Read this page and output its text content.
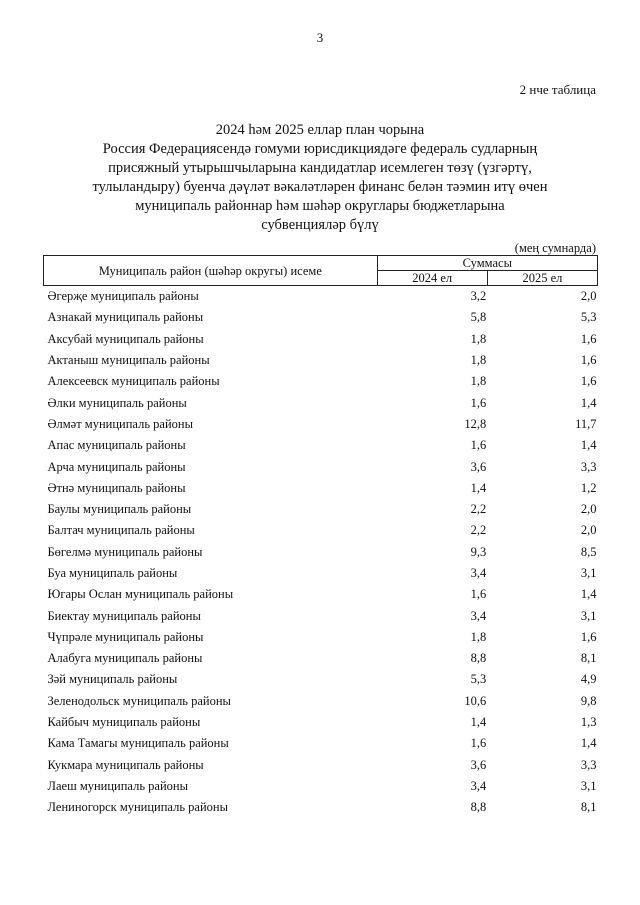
3
2 нче таблица
2024 һәм 2025 еллар план чорына
Россия Федерациясендә гомуми юрисдикциядәге федераль судларның
присяжный утырышчыларына кандидатлар исемлеген төзү (үзгәртү,
тулыландыру) буенча дәүләт вәкаләтләрен финанс белән тәэмин итү өчен
муниципаль районнар һәм шәһәр округлары бюджетларына
субвенцияләр бүлү
(мең сумнарда)
Муниципаль район (шәһәр округы) исеме	Суммасы	
	2024 ел	2025 ел
Әгерҗе муниципаль районы	3,2	2,0
Азнакай муниципаль районы	5,8	5,3
Аксубай муниципаль районы	1,8	1,6
Актаныш муниципаль районы	1,8	1,6
Алексеевск муниципаль районы	1,8	1,6
Әлки муниципаль районы	1,6	1,4
Әлмәт муниципаль районы	12,8	11,7
Апас муниципаль районы	1,6	1,4
Арча муниципаль районы	3,6	3,3
Әтнә муниципаль районы	1,4	1,2
Баулы муниципаль районы	2,2	2,0
Балтач муниципаль районы	2,2	2,0
Бөгелмә муниципаль районы	9,3	8,5
Буа муниципаль районы	3,4	3,1
Югары Ослан муниципаль районы	1,6	1,4
Биектау муниципаль районы	3,4	3,1
Чүпрәле муниципаль районы	1,8	1,6
Алабуга муниципаль районы	8,8	8,1
Зәй муниципаль районы	5,3	4,9
Зеленодольск муниципаль районы	10,6	9,8
Кайбыч муниципаль районы	1,4	1,3
Кама Тамагы муниципаль районы	1,6	1,4
Кукмара муниципаль районы	3,6	3,3
Лаеш муниципаль районы	3,4	3,1
Лениногорск муниципаль районы	8,8	8,1
